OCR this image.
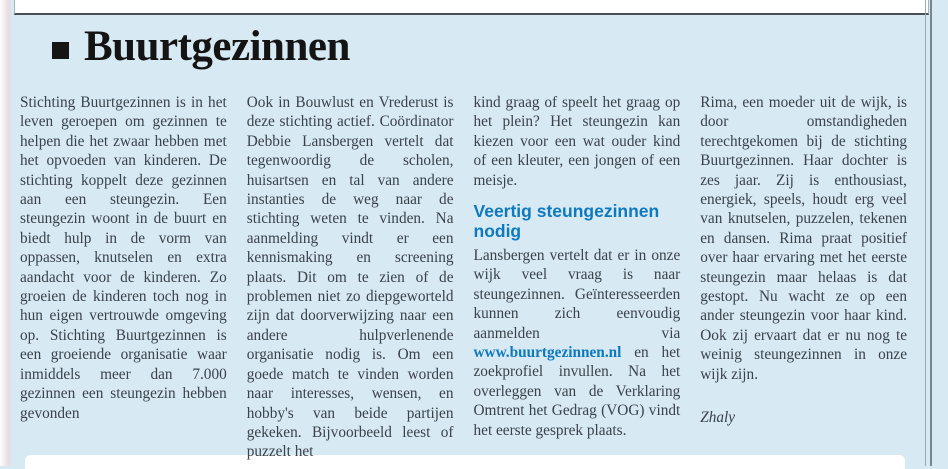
Buurtgezinnen

Stichting Buurtgezinnen is in het leven geroepen om gezinnen te helpen die het zwaar hebben met het opvoeden van kinderen. De stichting koppelt deze gezinnen aan een steungezin. Een steungezin woont in de buurt en biedt hulp in de vorm van oppassen, knutselen en extra aandacht voor de kinderen. Zo groeien de kinderen toch nog in hun eigen vertrouwde omgeving op. Stichting Buurtgezinnen is een groeiende organisatie waar inmiddels meer dan 7.000 gezinnen een steungezin hebben gevonden

Ook in Bouwlust en Vrederust is deze stichting actief. Coördinator Debbie Lansbergen vertelt dat tegenwoordig de scholen, huisartsen en tal van andere instanties de weg naar de stichting weten te vinden. Na aanmelding vindt er een kennismaking en screening plaats. Dit om te zien of de problemen niet zo diepgeworteld zijn dat doorverwijzing naar een andere hulpverlenende organisatie nodig is. Om een goede match te vinden worden naar interesses, wensen, en hobby's van beide partijen gekeken. Bijvoorbeeld leest of puzzelt het

kind graag of speelt het graag op het plein? Het steungezin kan kiezen voor een wat ouder kind of een kleuter, een jongen of een meisje.

Veertig steungezinnen nodig

Lansbergen vertelt dat er in onze wijk veel vraag is naar steungezinnen. Geïnteresseerden kunnen zich eenvoudig aanmelden via www.buurtgezinnen.nl en het zoekprofiel invullen. Na het overleggen van de Verklaring Omtrent het Gedrag (VOG) vindt het eerste gesprek plaats.

Rima, een moeder uit de wijk, is door omstandigheden terechtgekomen bij de stichting Buurtgezinnen. Haar dochter is zes jaar. Zij is enthousiast, energiek, speels, houdt erg veel van knutselen, puzzelen, tekenen en dansen. Rima praat positief over haar ervaring met het eerste steungezin maar helaas is dat gestopt. Nu wacht ze op een ander steungezin voor haar kind. Ook zij ervaart dat er nu nog te weinig steungezinnen in onze wijk zijn.

Zhaly
